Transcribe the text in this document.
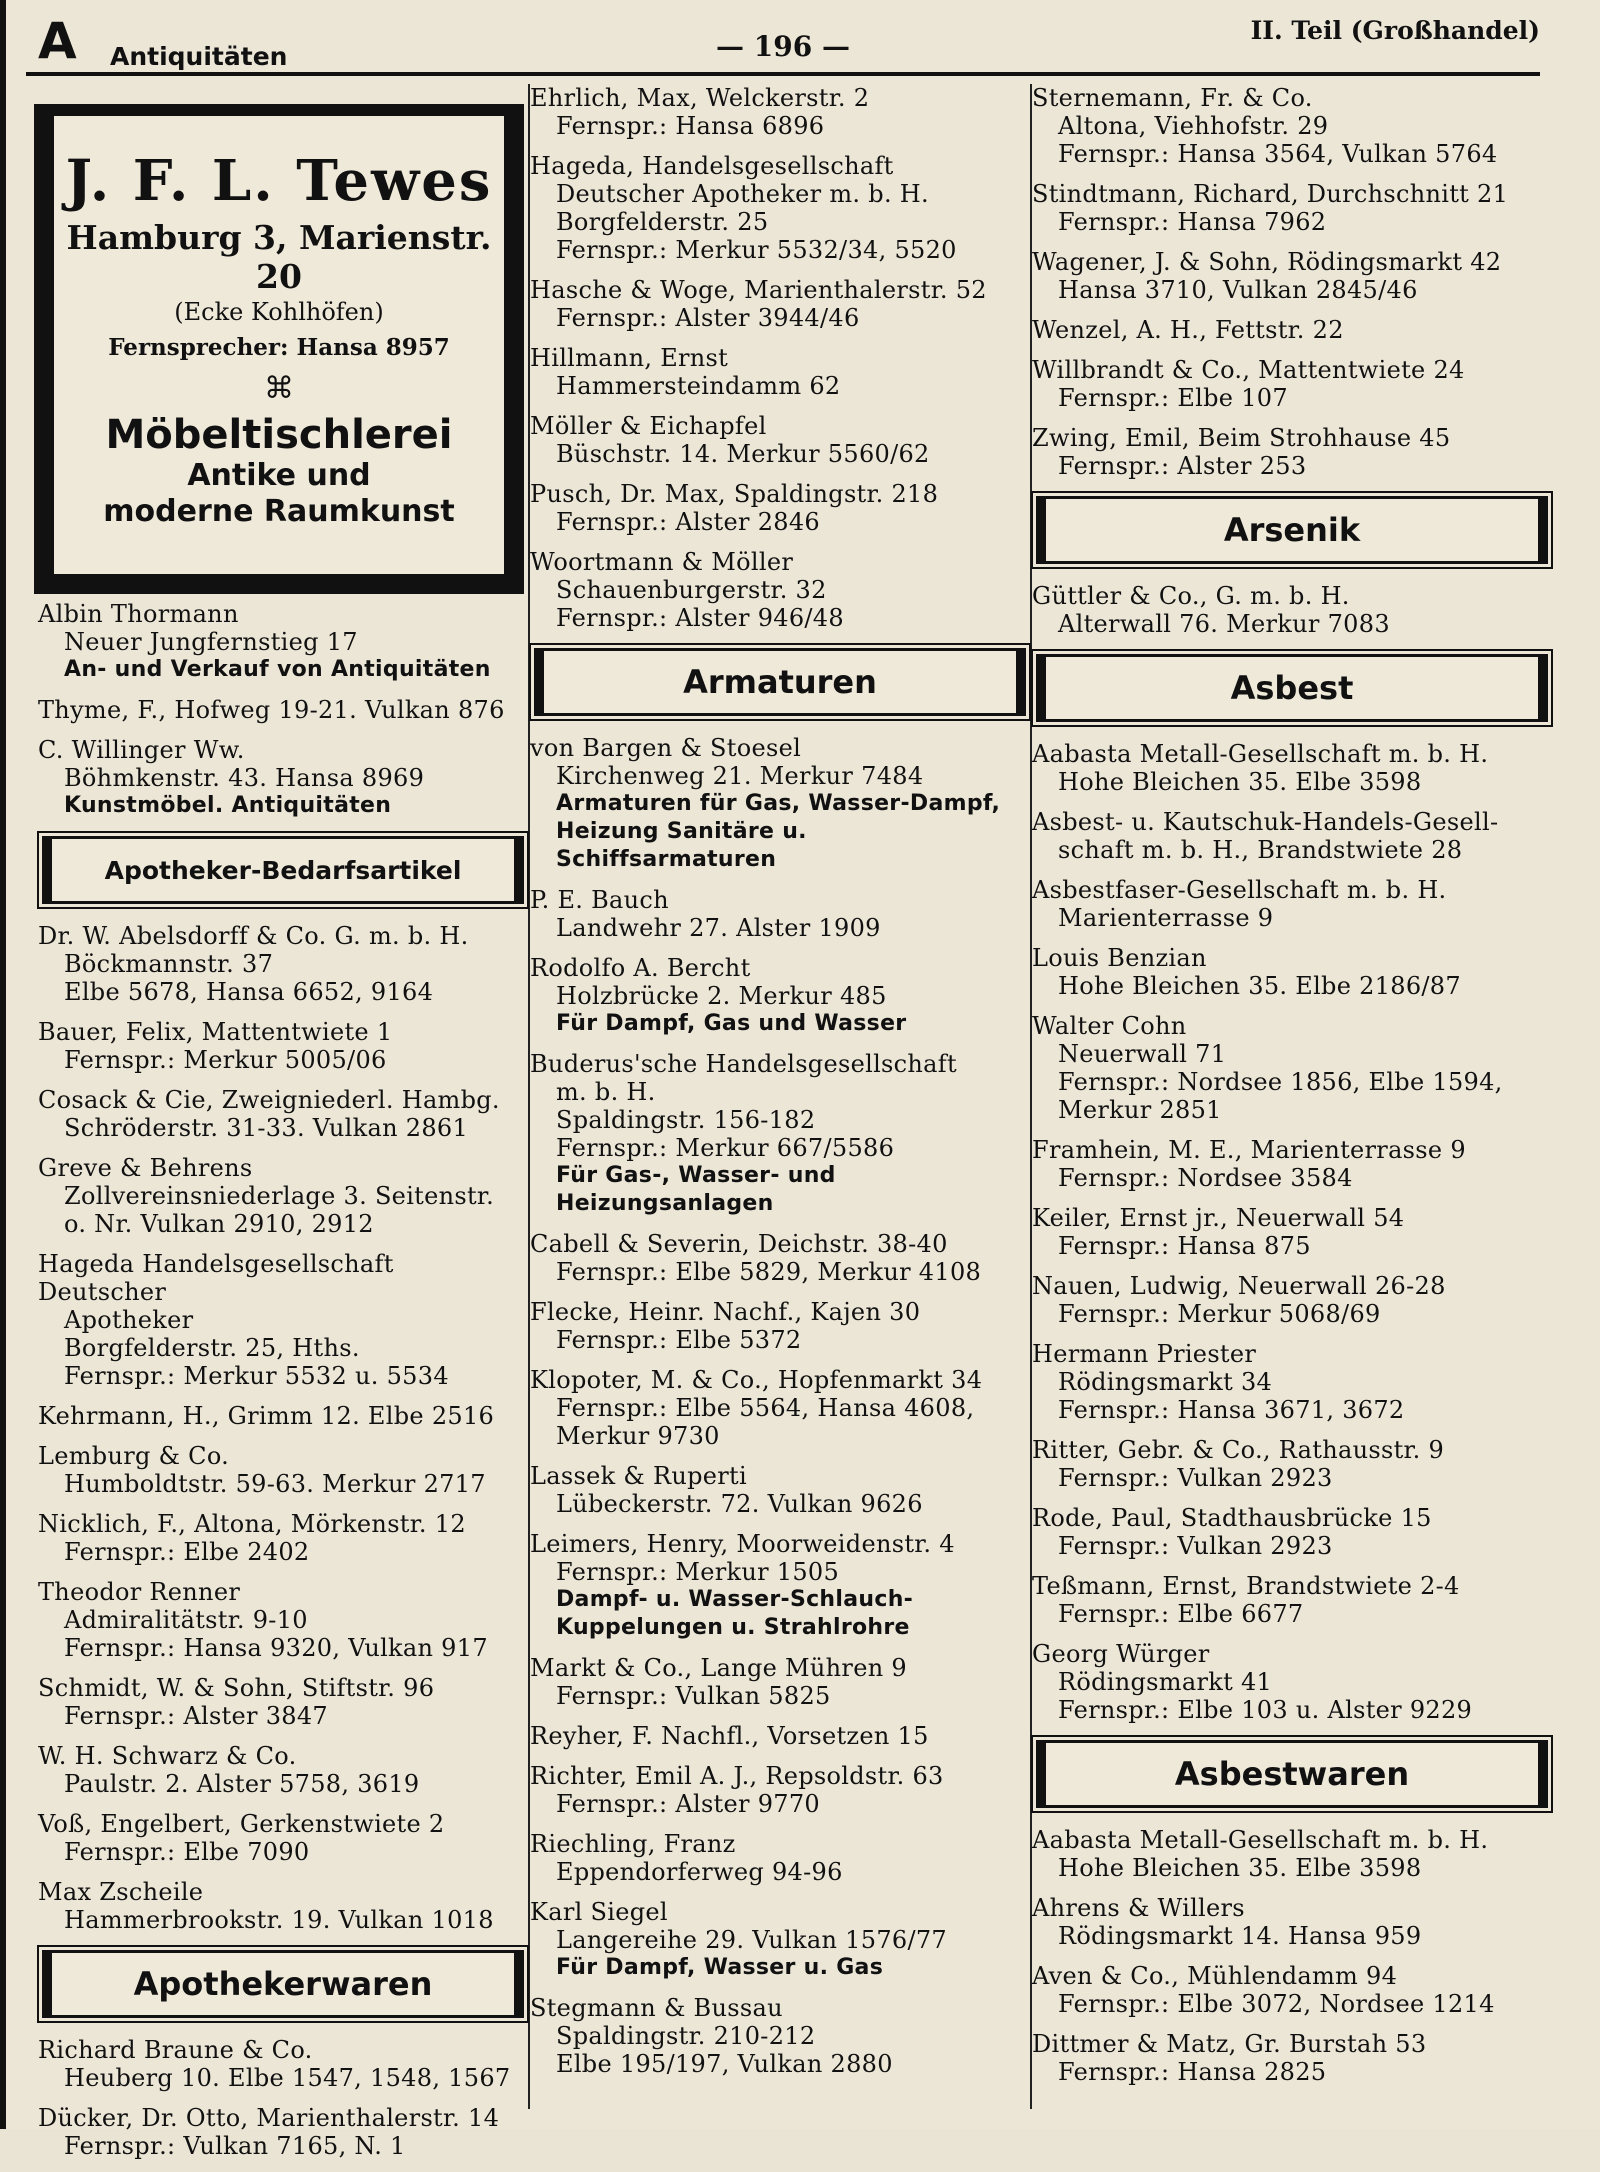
A Antiquitäten	— 196 —	II. Teil (Großhandel)
J. F. L. Tewes
Hamburg 3, Marienstr. 20
(Ecke Kohlhöfen)
Fernsprecher: Hansa 8957
⌘
Möbeltischlerei
Antike und
moderne Raumkunst
Albin Thormann
Neuer Jungfernstieg 17
An- und Verkauf von Antiquitäten
Thyme, F., Hofweg 19-21. Vulkan 876
C. Willinger Ww.
Böhmkenstr. 43. Hansa 8969
Kunstmöbel. Antiquitäten
Apotheker-Bedarfsartikel
Dr. W. Abelsdorff & Co. G. m. b. H.
Böckmannstr. 37
Elbe 5678, Hansa 6652, 9164
Bauer, Felix, Mattentwiete 1
Fernspr.: Merkur 5005/06
Cosack & Cie, Zweigniederl. Hambg.
Schröderstr. 31-33. Vulkan 2861
Greve & Behrens
Zollvereinsniederlage 3. Seitenstr.
o. Nr. Vulkan 2910, 2912
Hageda Handelsgesellschaft Deutscher
Apotheker
Borgfelderstr. 25, Hths.
Fernspr.: Merkur 5532 u. 5534
Kehrmann, H., Grimm 12. Elbe 2516
Lemburg & Co.
Humboldtstr. 59-63. Merkur 2717
Nicklich, F., Altona, Mörkenstr. 12
Fernspr.: Elbe 2402
Theodor Renner
Admiralitätstr. 9-10
Fernspr.: Hansa 9320, Vulkan 917
Schmidt, W. & Sohn, Stiftstr. 96
Fernspr.: Alster 3847
W. H. Schwarz & Co.
Paulstr. 2. Alster 5758, 3619
Voß, Engelbert, Gerkenstwiete 2
Fernspr.: Elbe 7090
Max Zscheile
Hammerbrookstr. 19. Vulkan 1018
Apothekerwaren
Richard Braune & Co.
Heuberg 10. Elbe 1547, 1548, 1567
Dücker, Dr. Otto, Marienthalerstr. 14
Fernspr.: Vulkan 7165, N. 1
Ehrlich, Max, Welckerstr. 2
Fernspr.: Hansa 6896
Hageda, Handelsgesellschaft
Deutscher Apotheker m. b. H.
Borgfelderstr. 25
Fernspr.: Merkur 5532/34, 5520
Hasche & Woge, Marienthalerstr. 52
Fernspr.: Alster 3944/46
Hillmann, Ernst
Hammersteindamm 62
Möller & Eichapfel
Büschstr. 14. Merkur 5560/62
Pusch, Dr. Max, Spaldingstr. 218
Fernspr.: Alster 2846
Woortmann & Möller
Schauenburgerstr. 32
Fernspr.: Alster 946/48
Armaturen
von Bargen & Stoesel
Kirchenweg 21. Merkur 7484
Armaturen für Gas, Wasser-Dampf, Heizung Sanitäre u. Schiffsarmaturen
P. E. Bauch
Landwehr 27. Alster 1909
Rodolfo A. Bercht
Holzbrücke 2. Merkur 485
Für Dampf, Gas und Wasser
Buderus'sche Handelsgesellschaft
m. b. H.
Spaldingstr. 156-182
Fernspr.: Merkur 667/5586
Für Gas-, Wasser- und Heizungsanlagen
Cabell & Severin, Deichstr. 38-40
Fernspr.: Elbe 5829, Merkur 4108
Flecke, Heinr. Nachf., Kajen 30
Fernspr.: Elbe 5372
Klopoter, M. & Co., Hopfenmarkt 34
Fernspr.: Elbe 5564, Hansa 4608,
Merkur 9730
Lassek & Ruperti
Lübeckerstr. 72. Vulkan 9626
Leimers, Henry, Moorweidenstr. 4
Fernspr.: Merkur 1505
Dampf- u. Wasser-Schlauch-Kuppelungen u. Strahlrohre
Markt & Co., Lange Mühren 9
Fernspr.: Vulkan 5825
Reyher, F. Nachfl., Vorsetzen 15
Richter, Emil A. J., Repsoldstr. 63
Fernspr.: Alster 9770
Riechling, Franz
Eppendorferweg 94-96
Karl Siegel
Langereihe 29. Vulkan 1576/77
Für Dampf, Wasser u. Gas
Stegmann & Bussau
Spaldingstr. 210-212
Elbe 195/197, Vulkan 2880
Sternemann, Fr. & Co.
Altona, Viehhofstr. 29
Fernspr.: Hansa 3564, Vulkan 5764
Stindtmann, Richard, Durchschnitt 21
Fernspr.: Hansa 7962
Wagener, J. & Sohn, Rödingsmarkt 42
Hansa 3710, Vulkan 2845/46
Wenzel, A. H., Fettstr. 22
Willbrandt & Co., Mattentwiete 24
Fernspr.: Elbe 107
Zwing, Emil, Beim Strohhause 45
Fernspr.: Alster 253
Arsenik
Güttler & Co., G. m. b. H.
Alterwall 76. Merkur 7083
Asbest
Aabasta Metall-Gesellschaft m. b. H.
Hohe Bleichen 35. Elbe 3598
Asbest- u. Kautschuk-Handels-Gesell-
schaft m. b. H., Brandstwiete 28
Asbestfaser-Gesellschaft m. b. H.
Marienterrasse 9
Louis Benzian
Hohe Bleichen 35. Elbe 2186/87
Walter Cohn
Neuerwall 71
Fernspr.: Nordsee 1856, Elbe 1594,
Merkur 2851
Framhein, M. E., Marienterrasse 9
Fernspr.: Nordsee 3584
Keiler, Ernst jr., Neuerwall 54
Fernspr.: Hansa 875
Nauen, Ludwig, Neuerwall 26-28
Fernspr.: Merkur 5068/69
Hermann Priester
Rödingsmarkt 34
Fernspr.: Hansa 3671, 3672
Ritter, Gebr. & Co., Rathausstr. 9
Fernspr.: Vulkan 2923
Rode, Paul, Stadthausbrücke 15
Fernspr.: Vulkan 2923
Teßmann, Ernst, Brandstwiete 2-4
Fernspr.: Elbe 6677
Georg Würger
Rödingsmarkt 41
Fernspr.: Elbe 103 u. Alster 9229
Asbestwaren
Aabasta Metall-Gesellschaft m. b. H.
Hohe Bleichen 35. Elbe 3598
Ahrens & Willers
Rödingsmarkt 14. Hansa 959
Aven & Co., Mühlendamm 94
Fernspr.: Elbe 3072, Nordsee 1214
Dittmer & Matz, Gr. Burstah 53
Fernspr.: Hansa 2825
